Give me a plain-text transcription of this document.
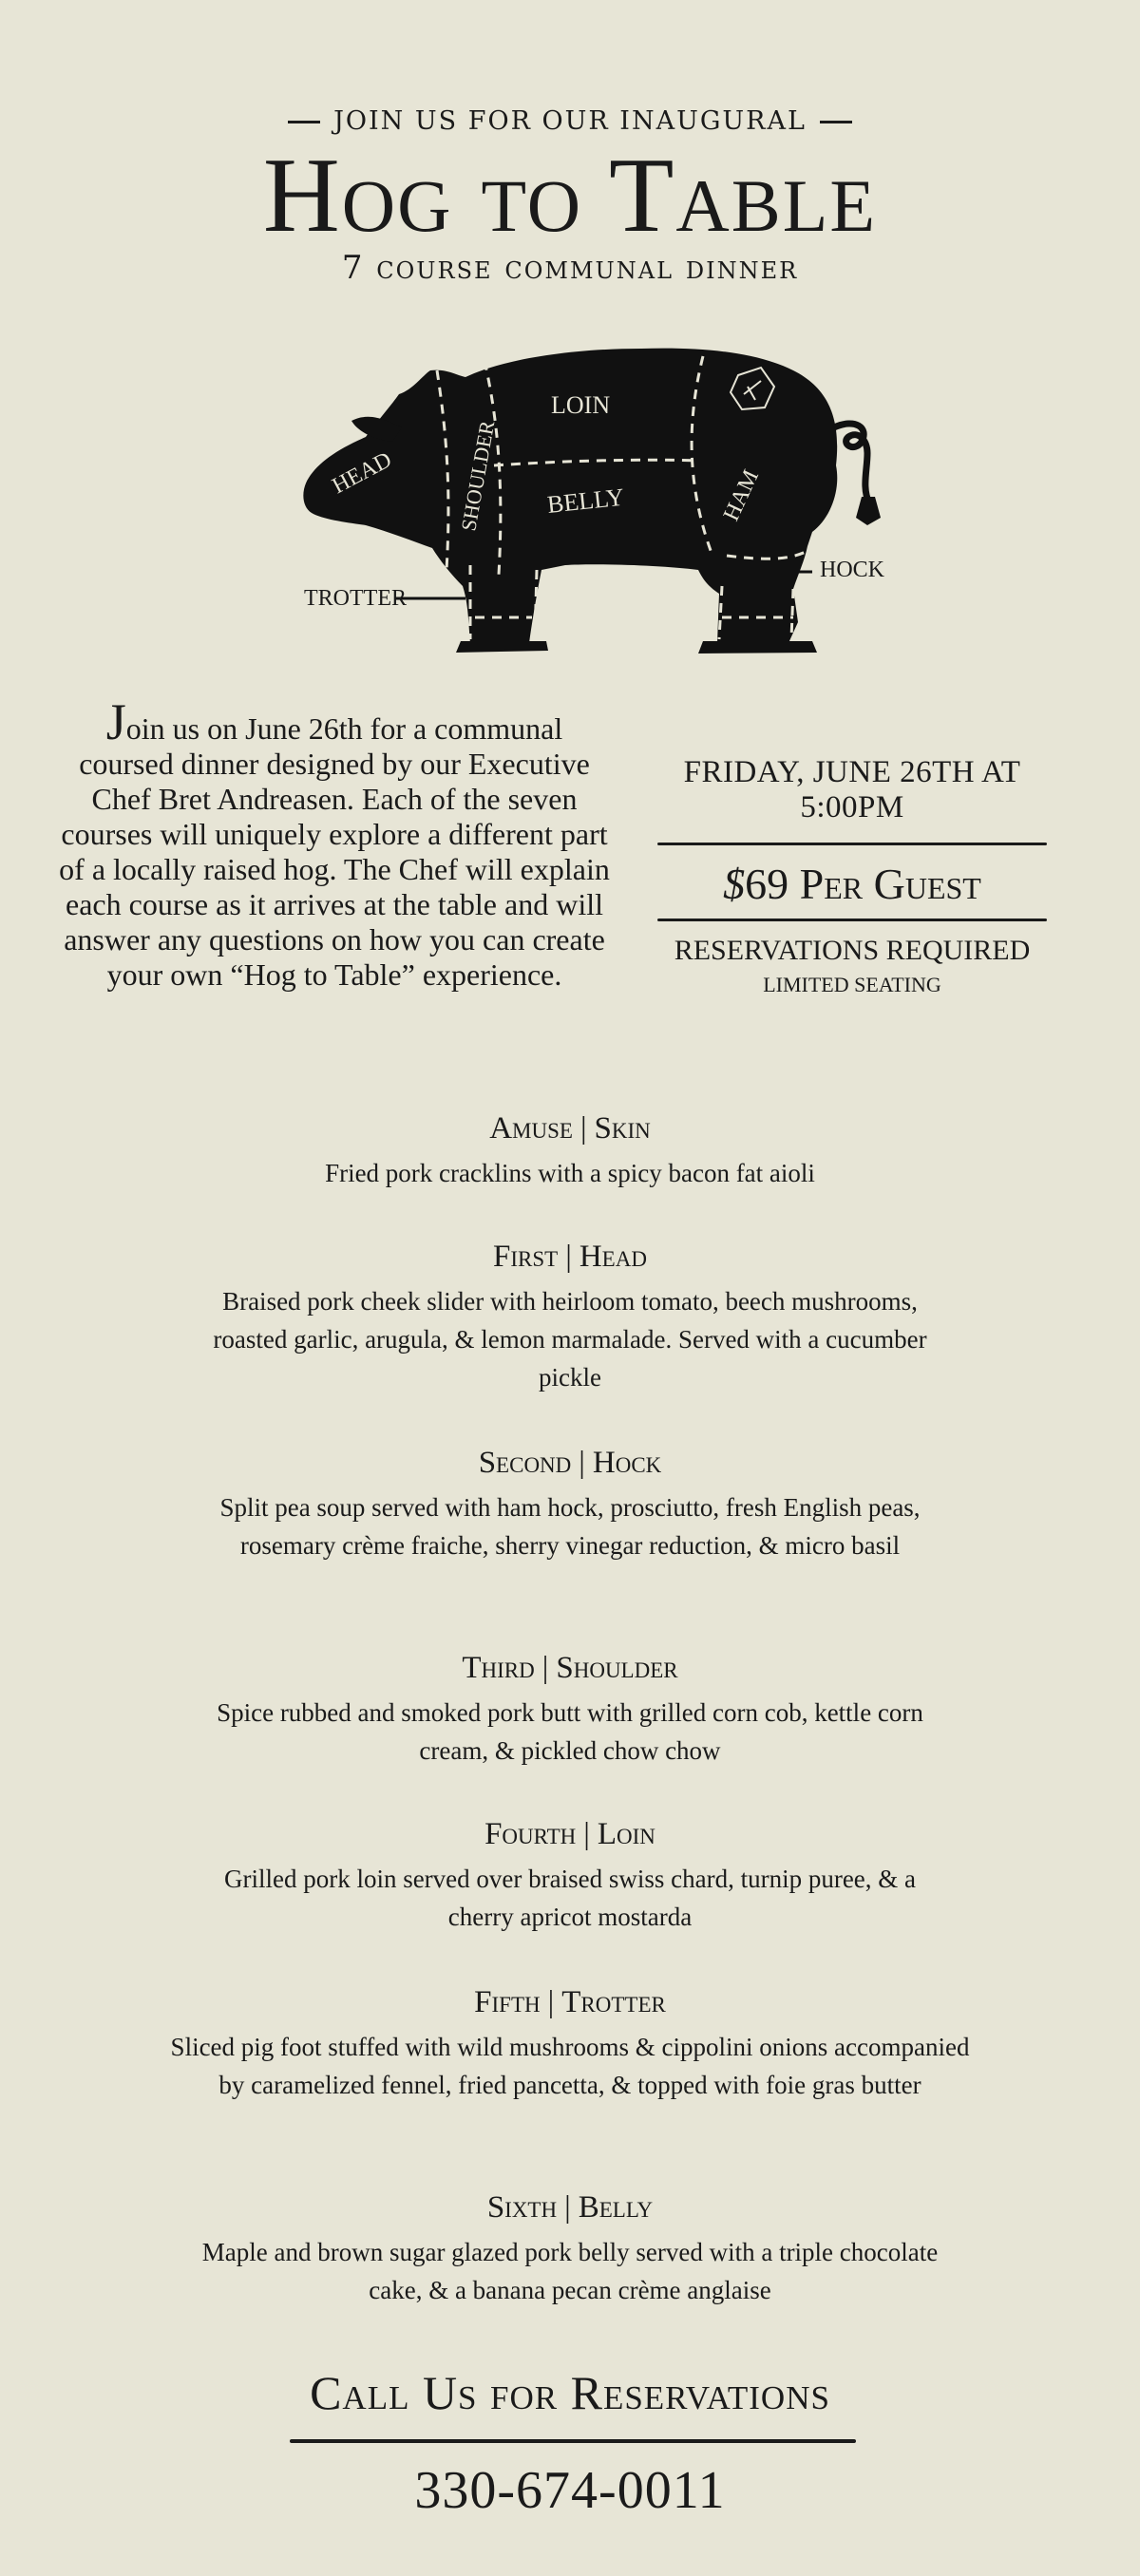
JOIN US FOR OUR INAUGURAL
Hog to Table
7 course communal dinner
HEAD	SHOULDER
LOIN
BELLY	HAM
HOCK
TROTTER
Join us on June 26th for a communal coursed dinner designed by our Executive Chef Bret Andreasen. Each of the seven courses will uniquely explore a different part of a locally raised hog. The Chef will explain each course as it arrives at the table and will answer any questions on how you can create your own “Hog to Table” experience.
FRIDAY, JUNE 26TH AT 5:00PM
$69 Per Guest
RESERVATIONS REQUIRED
LIMITED SEATING
Amuse | Skin
Fried pork cracklins with a spicy bacon fat aioli
First | Head
Braised pork cheek slider with heirloom tomato, beech mushrooms, roasted garlic, arugula, & lemon marmalade. Served with a cucumber pickle
Second | Hock
Split pea soup served with ham hock, prosciutto, fresh English peas, rosemary crème fraiche, sherry vinegar reduction, & micro basil
Third | Shoulder
Spice rubbed and smoked pork butt with grilled corn cob, kettle corn cream, & pickled chow chow
Fourth | Loin
Grilled pork loin served over braised swiss chard, turnip puree, & a cherry apricot mostarda
Fifth | Trotter
Sliced pig foot stuffed with wild mushrooms & cippolini onions accompanied by caramelized fennel, fried pancetta, & topped with foie gras butter
Sixth | Belly
Maple and brown sugar glazed pork belly served with a triple chocolate cake, & a banana pecan crème anglaise
Call Us for Reservations
330-674-0011
